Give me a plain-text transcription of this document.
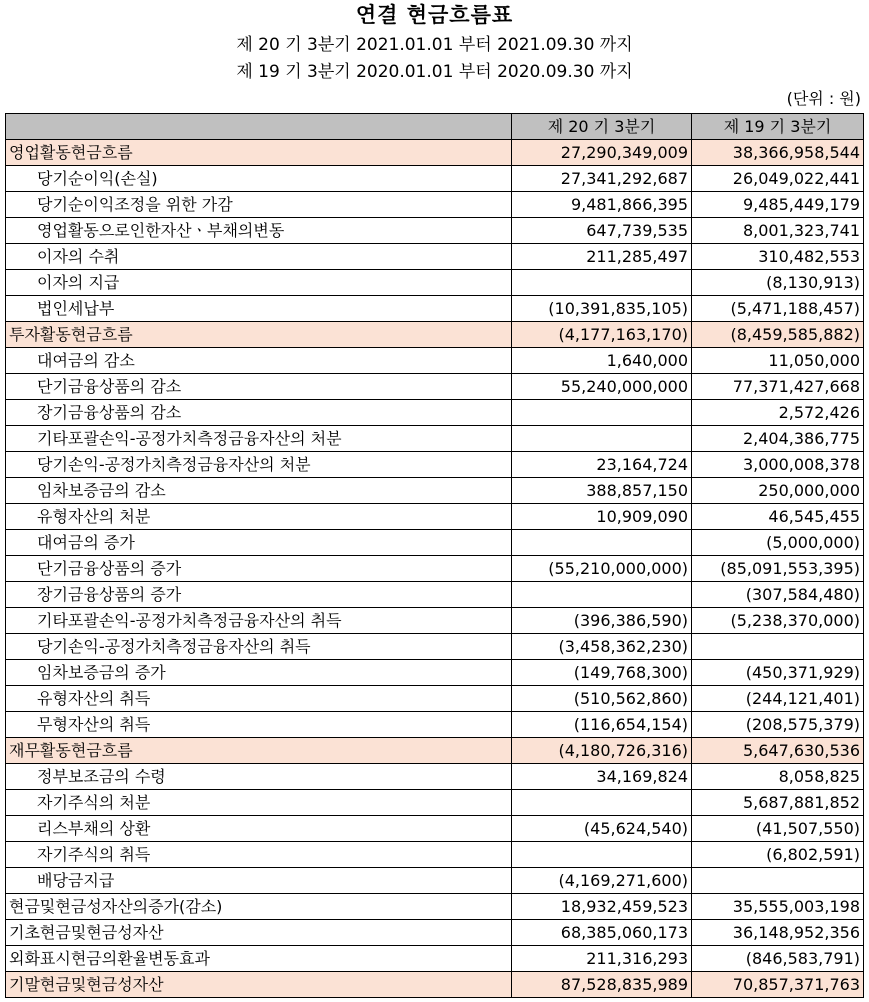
연결 현금흐름표
제 20 기 3분기 2021.01.01 부터 2021.09.30 까지
제 19 기 3분기 2020.01.01 부터 2020.09.30 까지
(단위 : 원)
	제 20 기 3분기	제 19 기 3분기
영업활동현금흐름	27,290,349,009	38,366,958,544
당기순이익(손실)	27,341,292,687	26,049,022,441
당기순이익조정을 위한 가감	9,481,866,395	9,485,449,179
영업활동으로인한자산ㆍ부채의변동	647,739,535	8,001,323,741
이자의 수취	211,285,497	310,482,553
이자의 지급		(8,130,913)
법인세납부	(10,391,835,105)	(5,471,188,457)
투자활동현금흐름	(4,177,163,170)	(8,459,585,882)
대여금의 감소	1,640,000	11,050,000
단기금융상품의 감소	55,240,000,000	77,371,427,668
장기금융상품의 감소		2,572,426
기타포괄손익-공정가치측정금융자산의 처분		2,404,386,775
당기손익-공정가치측정금융자산의 처분	23,164,724	3,000,008,378
임차보증금의 감소	388,857,150	250,000,000
유형자산의 처분	10,909,090	46,545,455
대여금의 증가		(5,000,000)
단기금융상품의 증가	(55,210,000,000)	(85,091,553,395)
장기금융상품의 증가		(307,584,480)
기타포괄손익-공정가치측정금융자산의 취득	(396,386,590)	(5,238,370,000)
당기손익-공정가치측정금융자산의 취득	(3,458,362,230)	
임차보증금의 증가	(149,768,300)	(450,371,929)
유형자산의 취득	(510,562,860)	(244,121,401)
무형자산의 취득	(116,654,154)	(208,575,379)
재무활동현금흐름	(4,180,726,316)	5,647,630,536
정부보조금의 수령	34,169,824	8,058,825
자기주식의 처분		5,687,881,852
리스부채의 상환	(45,624,540)	(41,507,550)
자기주식의 취득		(6,802,591)
배당금지급	(4,169,271,600)	
현금및현금성자산의증가(감소)	18,932,459,523	35,555,003,198
기초현금및현금성자산	68,385,060,173	36,148,952,356
외화표시현금의환율변동효과	211,316,293	(846,583,791)
기말현금및현금성자산	87,528,835,989	70,857,371,763
